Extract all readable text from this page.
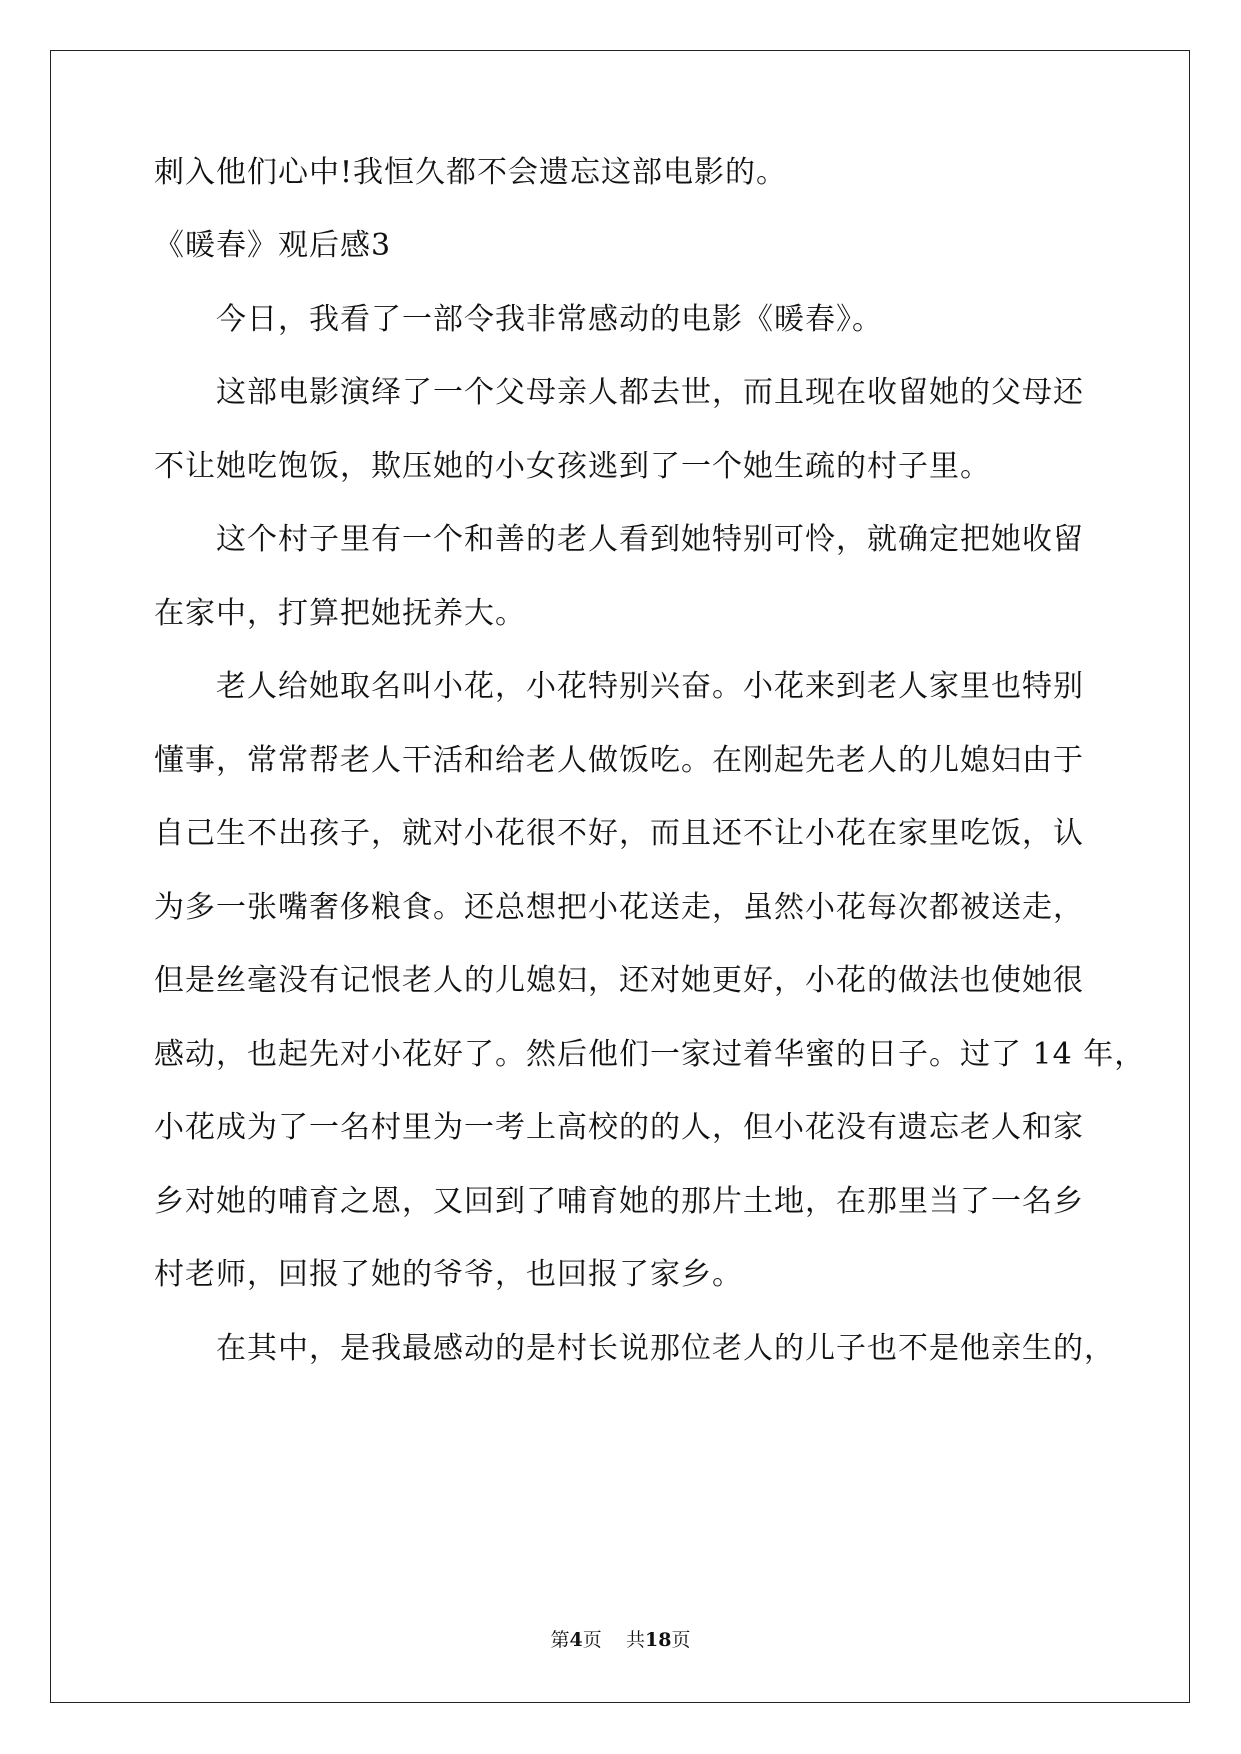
刺入他们心中!我恒久都不会遗忘这部电影的。
《暖春》观后感3
今日，我看了一部令我非常感动的电影《暖春》。
这部电影演绎了一个父母亲人都去世，而且现在收留她的父母还
不让她吃饱饭，欺压她的小女孩逃到了一个她生疏的村子里。
这个村子里有一个和善的老人看到她特别可怜，就确定把她收留
在家中，打算把她抚养大。
老人给她取名叫小花，小花特别兴奋。小花来到老人家里也特别
懂事，常常帮老人干活和给老人做饭吃。在刚起先老人的儿媳妇由于
自己生不出孩子，就对小花很不好，而且还不让小花在家里吃饭，认
为多一张嘴奢侈粮食。还总想把小花送走，虽然小花每次都被送走，
但是丝毫没有记恨老人的儿媳妇，还对她更好，小花的做法也使她很
感动，也起先对小花好了。然后他们一家过着华蜜的日子。过了 14 年，
小花成为了一名村里为一考上高校的的人，但小花没有遗忘老人和家
乡对她的哺育之恩，又回到了哺育她的那片土地，在那里当了一名乡
村老师，回报了她的爷爷，也回报了家乡。
在其中，是我最感动的是村长说那位老人的儿子也不是他亲生的，
第4页 共18页
